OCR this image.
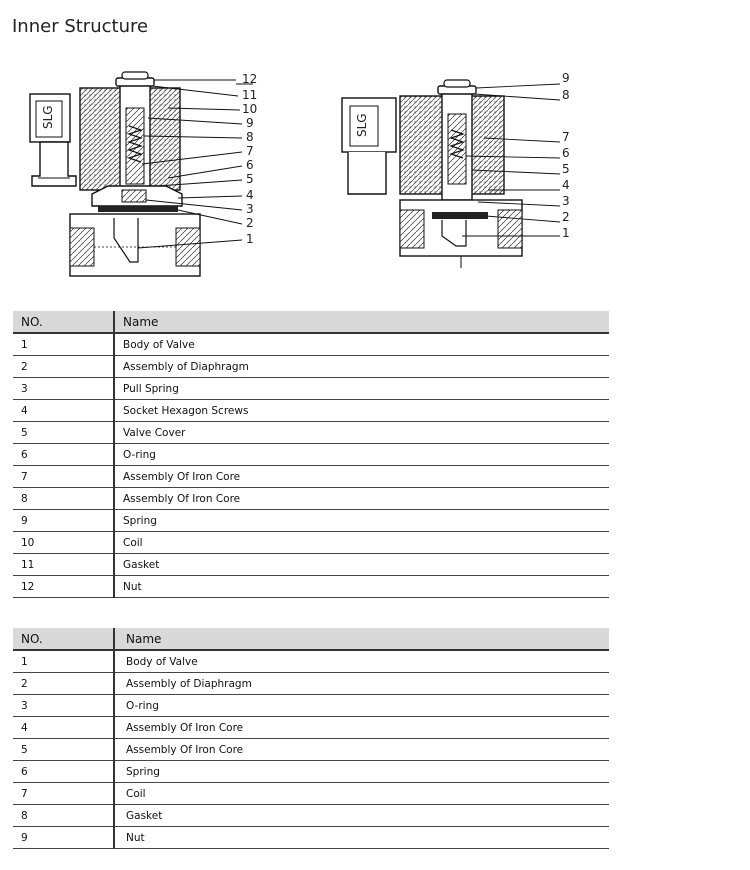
Inner Structure
SLG
12
11
10
9
8
7
6
5
4
3
2
1
SLG
9
8
7
6
5
4
3
2
1
NO.	Name
1	Body of Valve
2	Assembly of Diaphragm
3	Pull Spring
4	Socket Hexagon Screws
5	Valve Cover
6	O-ring
7	Assembly Of Iron Core
8	Assembly Of Iron Core
9	Spring
10	Coil
11	Gasket
12	Nut
NO.	Name
1	Body of Valve
2	Assembly of Diaphragm
3	O-ring
4	Assembly Of Iron Core
5	Assembly Of Iron Core
6	Spring
7	Coil
8	Gasket
9	Nut
